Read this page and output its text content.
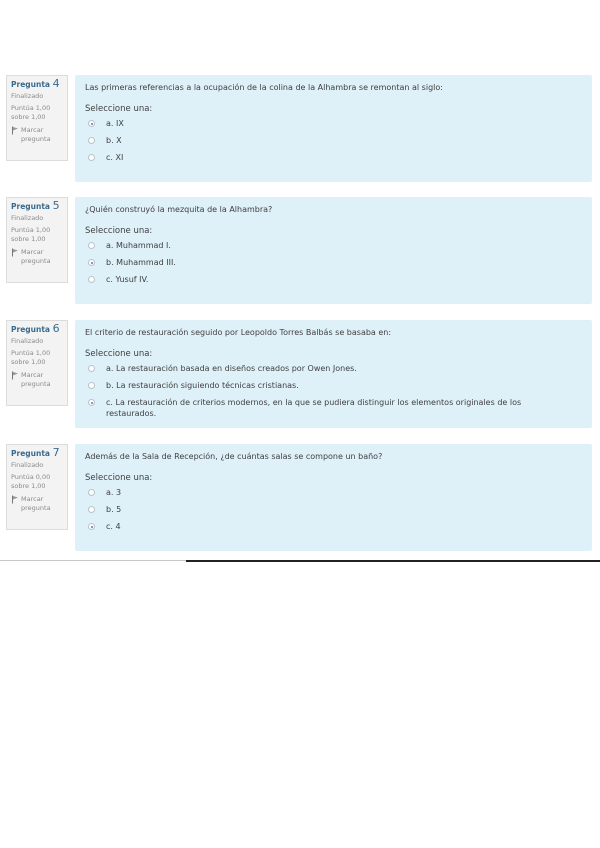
Pregunta 4
Finalizado
Puntúa 1,00
sobre 1,00
Marcar
pregunta
Las primeras referencias a la ocupación de la colina de la Alhambra se remontan al siglo:
Seleccione una:
a. IX
b. X
c. XI
Pregunta 5
Finalizado
Puntúa 1,00
sobre 1,00
Marcar
pregunta
¿Quién construyó la mezquita de la Alhambra?
Seleccione una:
a. Muhammad I.
b. Muhammad III.
c. Yusuf IV.
Pregunta 6
Finalizado
Puntúa 1,00
sobre 1,00
Marcar
pregunta
El criterio de restauración seguido por Leopoldo Torres Balbás se basaba en:
Seleccione una:
a. La restauración basada en diseños creados por Owen Jones.
b. La restauración siguiendo técnicas cristianas.
c. La restauración de criterios modernos, en la que se pudiera distinguir los elementos originales de los restaurados.
Pregunta 7
Finalizado
Puntúa 0,00
sobre 1,00
Marcar
pregunta
Además de la Sala de Recepción, ¿de cuántas salas se compone un baño?
Seleccione una:
a. 3
b. 5
c. 4
